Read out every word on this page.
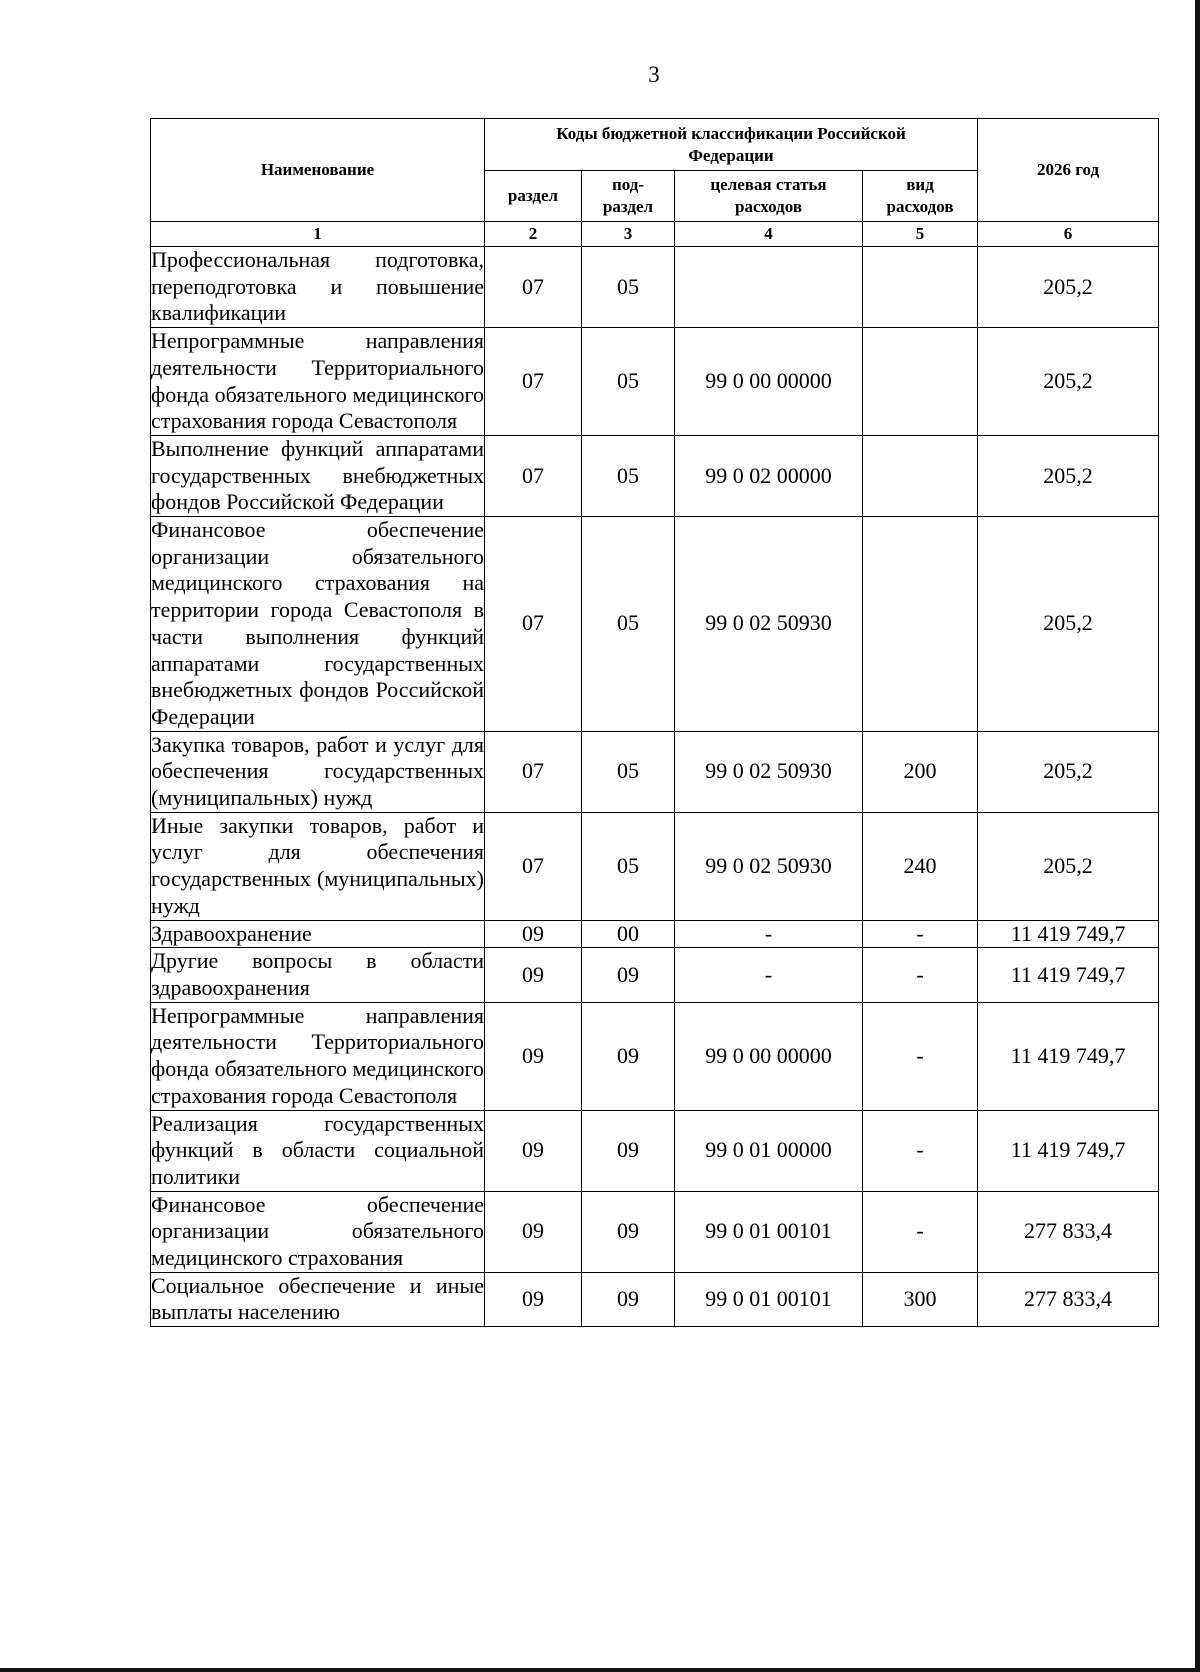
3
Наименование	Коды бюджетной классификации Российской Федерации				2026 год
	раздел	под-раздел	целевая статья расходов	вид расходов	
1	2	3	4	5	6
Профессиональная подготовка, переподготовка и повышение квалификации	07	05			205,2
Непрограммные направления деятельности Территориального фонда обязательного медицинского страхования города Севастополя	07	05	99 0 00 00000		205,2
Выполнение функций аппаратами государственных внебюджетных фондов Российской Федерации	07	05	99 0 02 00000		205,2
Финансовое обеспечение организации обязательного медицинского страхования на территории города Севастополя в части выполнения функций аппаратами государственных внебюджетных фондов Российской Федерации	07	05	99 0 02 50930		205,2
Закупка товаров, работ и услуг для обеспечения государственных (муниципальных) нужд	07	05	99 0 02 50930	200	205,2
Иные закупки товаров, работ и услуг для обеспечения государственных (муниципальных) нужд	07	05	99 0 02 50930	240	205,2
Здравоохранение	09	00	-	-	11 419 749,7
Другие вопросы в области здравоохранения	09	09	-	-	11 419 749,7
Непрограммные направления деятельности Территориального фонда обязательного медицинского страхования города Севастополя	09	09	99 0 00 00000	-	11 419 749,7
Реализация государственных функций в области социальной политики	09	09	99 0 01 00000	-	11 419 749,7
Финансовое обеспечение организации обязательного медицинского страхования	09	09	99 0 01 00101	-	277 833,4
Социальное обеспечение и иные выплаты населению	09	09	99 0 01 00101	300	277 833,4
